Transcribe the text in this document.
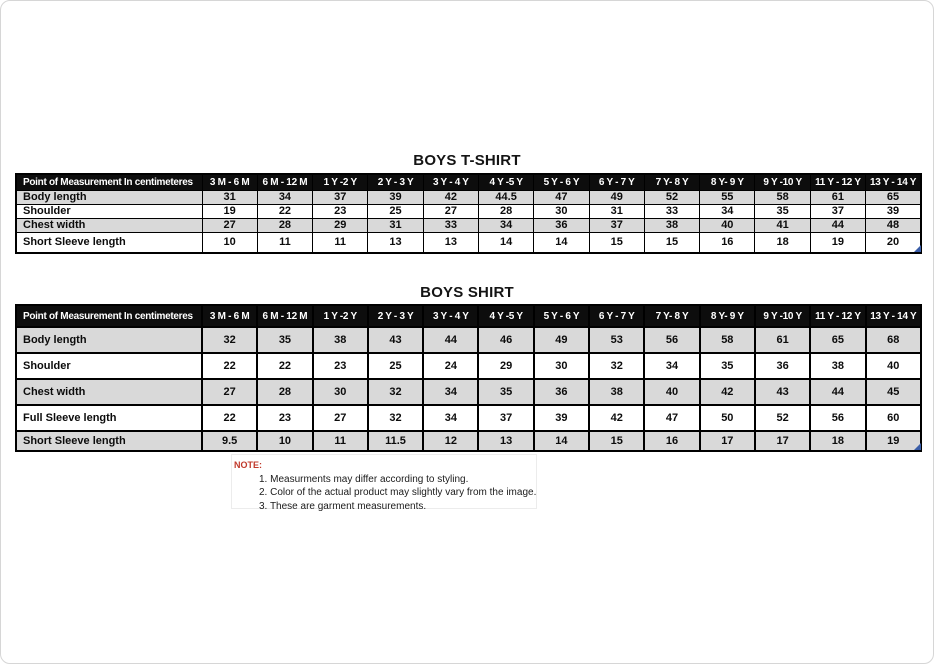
BOYS T-SHIRT
Point of Measurement In centimeteres	3 M - 6 M	6 M - 12 M	1 Y -2 Y	2 Y - 3 Y	3 Y - 4 Y	4 Y -5 Y	5 Y - 6 Y	6 Y - 7 Y	7 Y- 8 Y	8 Y- 9 Y	9 Y -10 Y	11 Y - 12 Y	13 Y - 14 Y
Body length	31	34	37	39	42	44.5	47	49	52	55	58	61	65
Shoulder	19	22	23	25	27	28	30	31	33	34	35	37	39
Chest width	27	28	29	31	33	34	36	37	38	40	41	44	48
Short Sleeve length	10	11	11	13	13	14	14	15	15	16	18	19	20
BOYS SHIRT
Point of Measurement In centimeteres	3 M - 6 M	6 M - 12 M	1 Y -2 Y	2 Y - 3 Y	3 Y - 4 Y	4 Y -5 Y	5 Y - 6 Y	6 Y - 7 Y	7 Y- 8 Y	8 Y- 9 Y	9 Y -10 Y	11 Y - 12 Y	13 Y - 14 Y
Body length	32	35	38	43	44	46	49	53	56	58	61	65	68
Shoulder	22	22	23	25	24	29	30	32	34	35	36	38	40
Chest width	27	28	30	32	34	35	36	38	40	42	43	44	45
Full Sleeve length	22	23	27	32	34	37	39	42	47	50	52	56	60
Short Sleeve length	9.5	10	11	11.5	12	13	14	15	16	17	17	18	19
NOTE:
1. Measurments may differ according to styling.
2. Color of the actual product may slightly vary from the image.
3. These are garment measurements.
